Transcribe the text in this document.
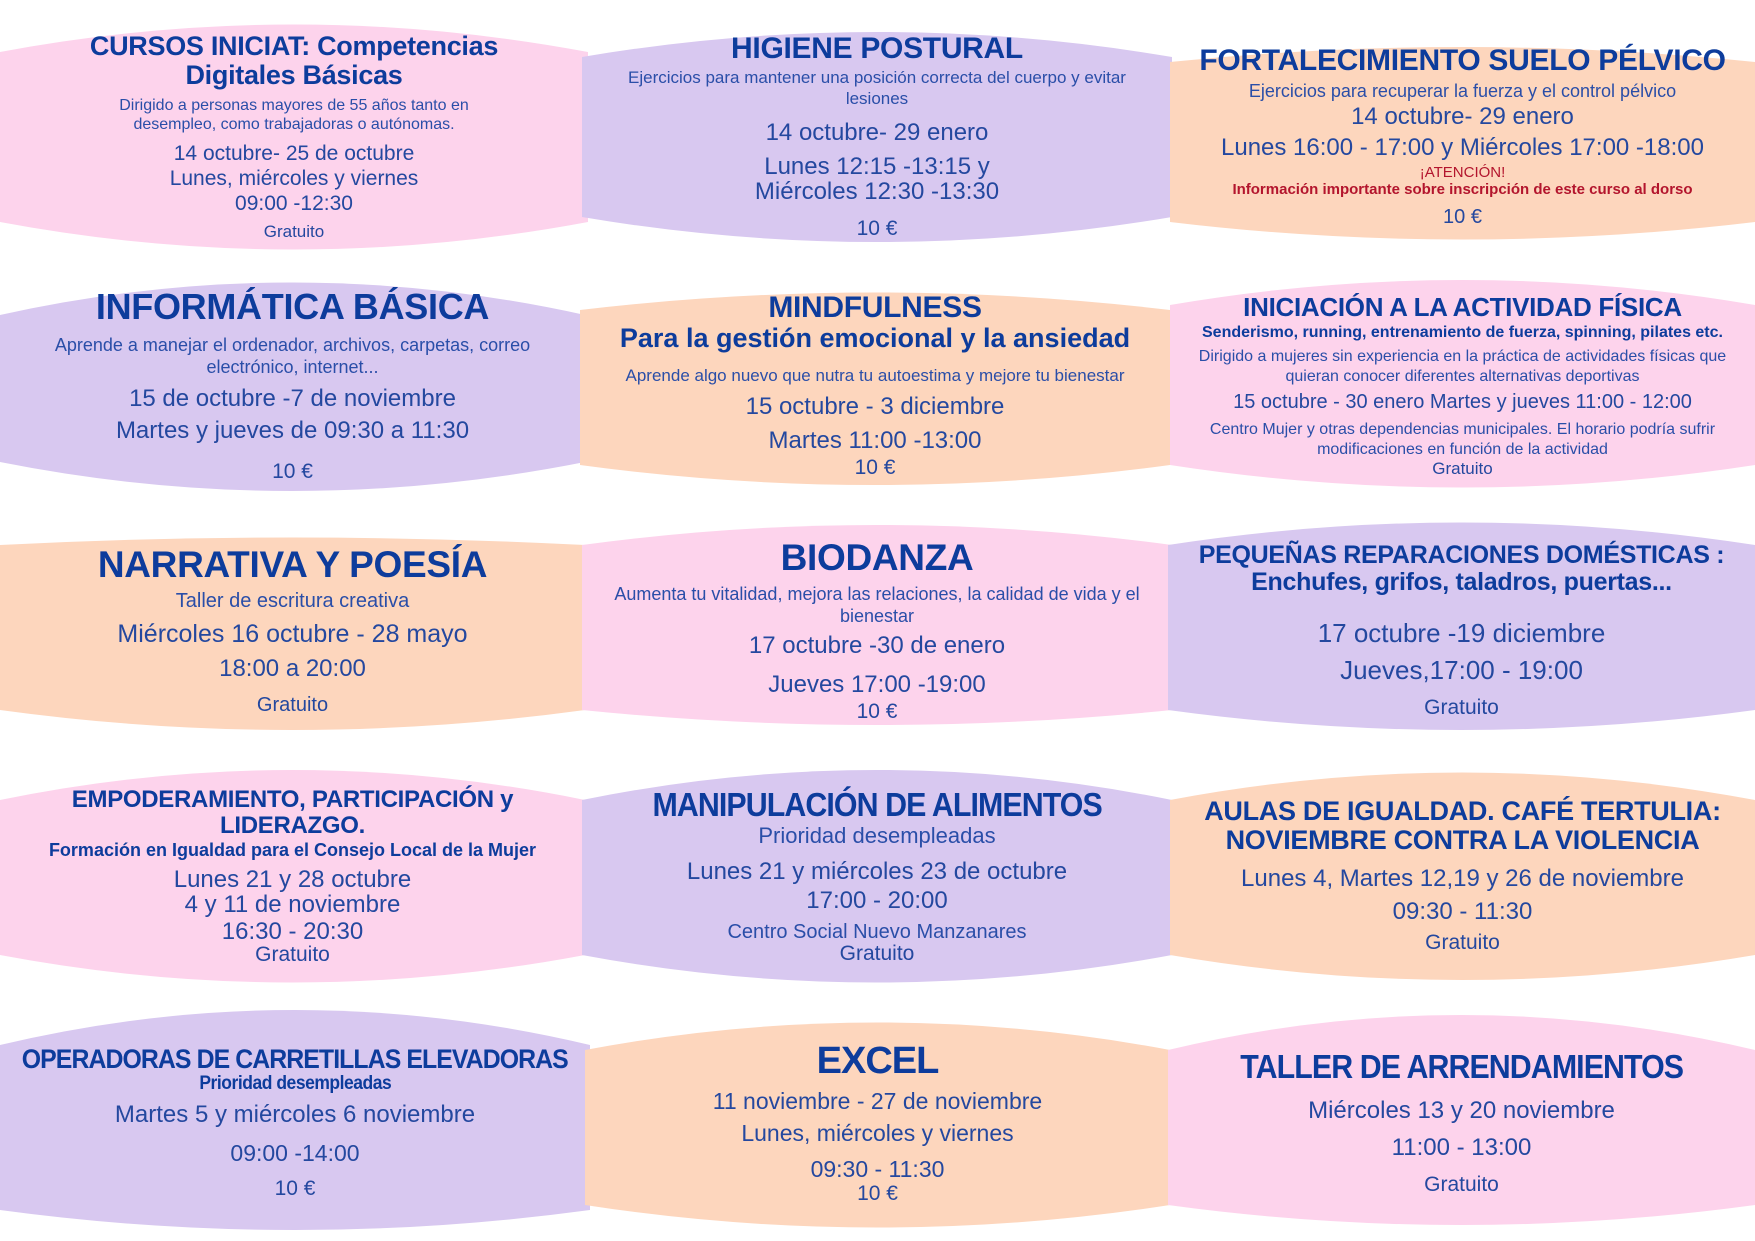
CURSOS INICIAT: Competencias Digitales Básicas
Dirigido a personas mayores de 55 años tanto en desempleo, como trabajadoras o autónomas.
14 octubre- 25 de octubre
Lunes, miércoles y viernes
09:00 -12:30
Gratuito
HIGIENE POSTURAL
Ejercicios para mantener una posición correcta del cuerpo y evitar lesiones
14 octubre- 29 enero
Lunes 12:15 -13:15 y
Miércoles 12:30 -13:30
10 €
FORTALECIMIENTO SUELO PÉLVICO
Ejercicios para recuperar la fuerza y el control pélvico
14 octubre- 29 enero
Lunes 16:00 - 17:00 y Miércoles 17:00 -18:00
¡ATENCIÓN!
Información importante sobre inscripción de este curso al dorso
10 €
INFORMÁTICA BÁSICA
Aprende a manejar el ordenador, archivos, carpetas, correo electrónico, internet...
15 de octubre -7 de noviembre
Martes y jueves de 09:30 a 11:30
10 €
MINDFULNESS
Para la gestión emocional y la ansiedad
Aprende algo nuevo que nutra tu autoestima y mejore tu bienestar
15 octubre - 3 diciembre
Martes 11:00 -13:00
10 €
INICIACIÓN A LA ACTIVIDAD FÍSICA
Senderismo, running, entrenamiento de fuerza, spinning, pilates etc.
Dirigido a mujeres sin experiencia en la práctica de actividades físicas que quieran conocer diferentes alternativas deportivas
15 octubre - 30 enero Martes y jueves 11:00 - 12:00
Centro Mujer y otras dependencias municipales. El horario podría sufrir modificaciones en función de la actividad
Gratuito
NARRATIVA Y POESÍA
Taller de escritura creativa
Miércoles 16 octubre - 28 mayo
18:00 a 20:00
Gratuito
BIODANZA
Aumenta tu vitalidad, mejora las relaciones, la calidad de vida y el bienestar
17 octubre -30 de enero
Jueves 17:00 -19:00
10 €
PEQUEÑAS REPARACIONES DOMÉSTICAS : Enchufes, grifos, taladros, puertas...
17 octubre -19 diciembre
Jueves,17:00 - 19:00
Gratuito
EMPODERAMIENTO, PARTICIPACIÓN y LIDERAZGO.
Formación en Igualdad para el Consejo Local de la Mujer
Lunes 21 y 28 octubre
4 y 11 de noviembre
16:30 - 20:30
Gratuito
MANIPULACIÓN DE ALIMENTOS
Prioridad desempleadas
Lunes 21 y miércoles 23 de octubre
17:00 - 20:00
Centro Social Nuevo Manzanares
Gratuito
AULAS DE IGUALDAD. CAFÉ TERTULIA: NOVIEMBRE CONTRA LA VIOLENCIA
Lunes 4, Martes 12,19 y 26 de noviembre
09:30 - 11:30
Gratuito
OPERADORAS DE CARRETILLAS ELEVADORAS
Prioridad desempleadas
Martes 5 y miércoles 6 noviembre
09:00 -14:00
10 €
EXCEL
11 noviembre - 27 de noviembre
Lunes, miércoles y viernes
09:30 - 11:30
10 €
TALLER DE ARRENDAMIENTOS
Miércoles 13 y 20 noviembre
11:00 - 13:00
Gratuito
